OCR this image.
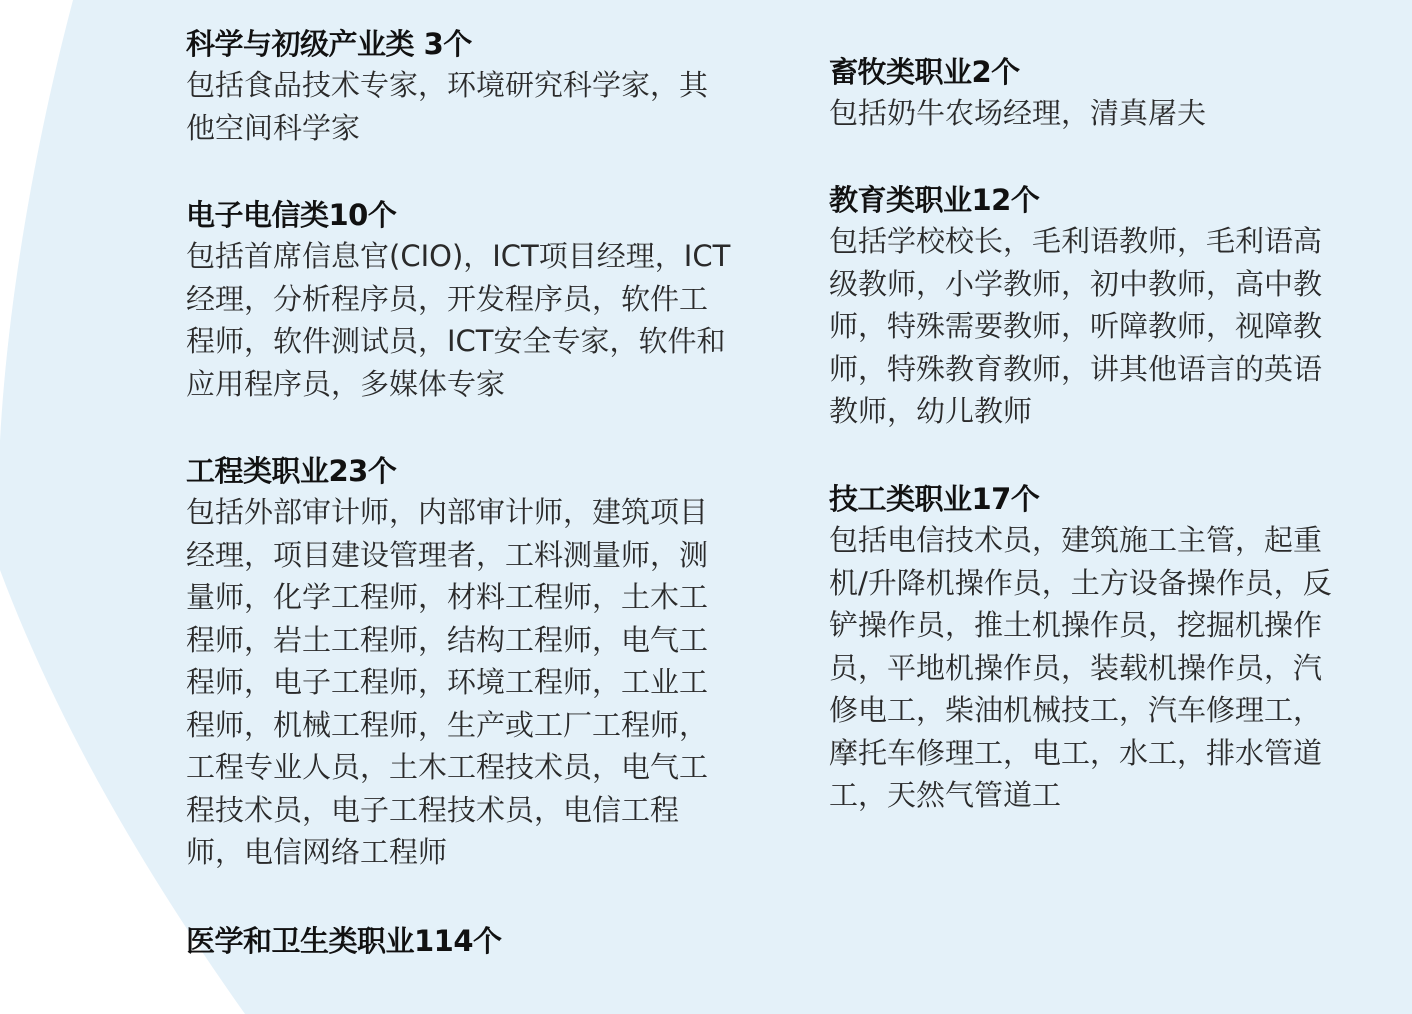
科学与初级产业类 3个
包括食品技术专家，环境研究科学家，其他空间科学家
电子电信类10个
包括首席信息官(CIO)，ICT项目经理，ICT经理，分析程序员，开发程序员，软件工程师，软件测试员，ICT安全专家，软件和应用程序员，多媒体专家
工程类职业23个
包括外部审计师，内部审计师，建筑项目经理，项目建设管理者，工料测量师，测量师，化学工程师，材料工程师，土木工程师，岩土工程师，结构工程师，电气工程师，电子工程师，环境工程师，工业工程师，机械工程师，生产或工厂工程师，工程专业人员，土木工程技术员，电气工程技术员，电子工程技术员，电信工程师，电信网络工程师
医学和卫生类职业114个
畜牧类职业2个
包括奶牛农场经理，清真屠夫
教育类职业12个
包括学校校长，毛利语教师，毛利语高级教师，小学教师，初中教师，高中教师，特殊需要教师，听障教师，视障教师，特殊教育教师，讲其他语言的英语教师，幼儿教师
技工类职业17个
包括电信技术员，建筑施工主管，起重机/升降机操作员，土方设备操作员，反铲操作员，推土机操作员，挖掘机操作员，平地机操作员，装载机操作员，汽修电工，柴油机械技工，汽车修理工，摩托车修理工，电工，水工，排水管道工，天然气管道工
